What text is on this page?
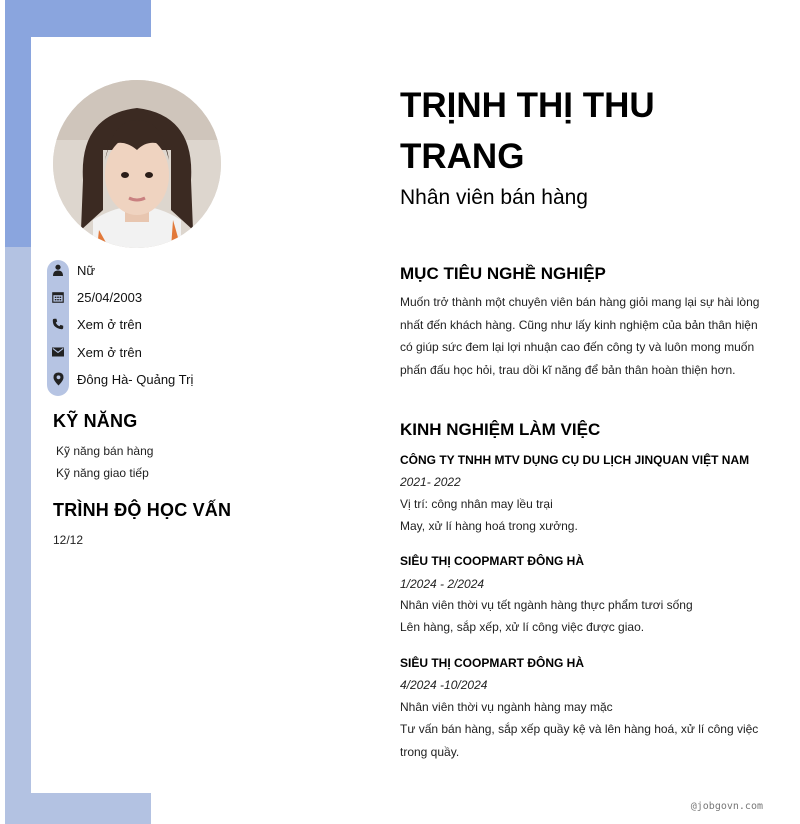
Nữ
25/04/2003
Xem ở trên
Xem ở trên
Đông Hà- Quảng Trị
KỸ NĂNG
Kỹ năng bán hàng
Kỹ năng giao tiếp
TRÌNH ĐỘ HỌC VẤN
12/12
TRỊNH THỊ THU TRANG
Nhân viên bán hàng
MỤC TIÊU NGHỀ NGHIỆP
Muốn trở thành một chuyên viên bán hàng giỏi mang lại sự hài lòng nhất đến khách hàng. Cũng như lấy kinh nghiệm của bản thân hiện có giúp sức đem lại lợi nhuận cao đến công ty và luôn mong muốn phấn đấu học hỏi, trau dồi kĩ năng để bản thân hoàn thiện hơn.
KINH NGHIỆM LÀM VIỆC
CÔNG TY TNHH MTV DỤNG CỤ DU LỊCH JINQUAN VIỆT NAM
2021- 2022
Vị trí: công nhân may lều trại
May, xử lí hàng hoá trong xưởng.
SIÊU THỊ COOPMART ĐÔNG HÀ
1/2024 - 2/2024
Nhân viên thời vụ tết ngành hàng thực phẩm tươi sống
Lên hàng, sắp xếp, xử lí công việc được giao.
SIÊU THỊ COOPMART ĐÔNG HÀ
4/2024 -10/2024
Nhân viên thời vụ ngành hàng may mặc
Tư vấn bán hàng, sắp xếp quầy kệ và lên hàng hoá, xử lí công việc trong quầy.
@jobgovn.com
